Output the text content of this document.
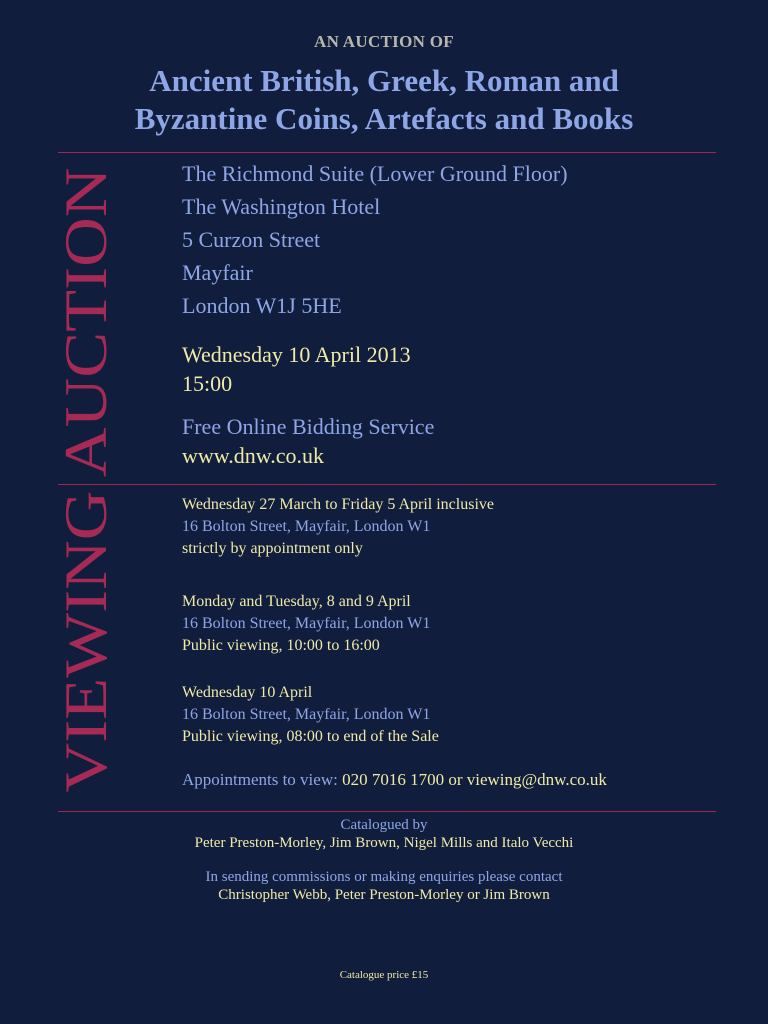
AN AUCTION OF
Ancient British, Greek, Roman and
Byzantine Coins, Artefacts and Books
VIEWING AUCTION
The Richmond Suite (Lower Ground Floor)
The Washington Hotel
5 Curzon Street
Mayfair
London W1J 5HE
Wednesday 10 April 2013
15:00
Free Online Bidding Service
www.dnw.co.uk
Wednesday 27 March to Friday 5 April inclusive
16 Bolton Street, Mayfair, London W1
strictly by appointment only
Monday and Tuesday, 8 and 9 April
16 Bolton Street, Mayfair, London W1
Public viewing, 10:00 to 16:00
Wednesday 10 April
16 Bolton Street, Mayfair, London W1
Public viewing, 08:00 to end of the Sale
Appointments to view: 020 7016 1700 or viewing@dnw.co.uk
Catalogued by
Peter Preston-Morley, Jim Brown, Nigel Mills and Italo Vecchi
In sending commissions or making enquiries please contact
Christopher Webb, Peter Preston-Morley or Jim Brown
Catalogue price £15
